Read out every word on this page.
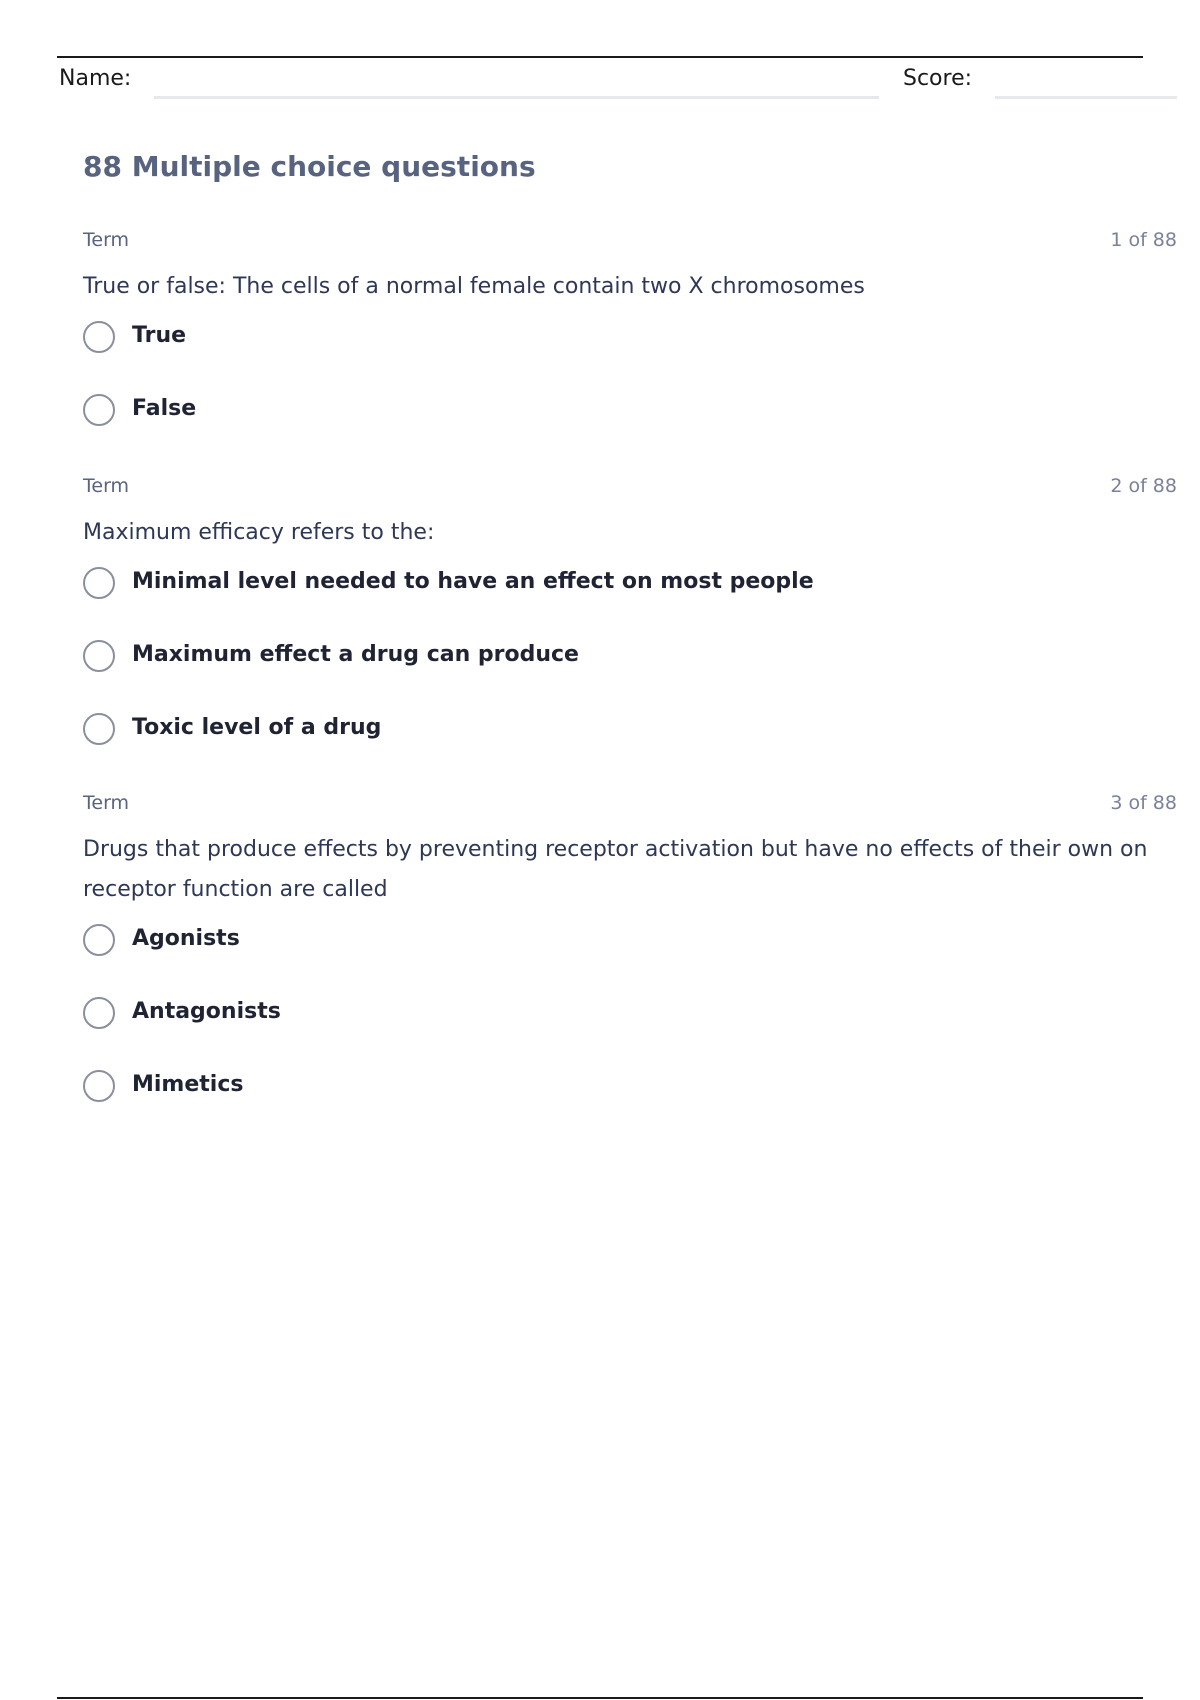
Name:	Score:
88 Multiple choice questions
Term	1 of 88
True or false: The cells of a normal female contain two X chromosomes
True
False
Term	2 of 88
Maximum efficacy refers to the:
Minimal level needed to have an effect on most people
Maximum effect a drug can produce
Toxic level of a drug
Term	3 of 88
Drugs that produce effects by preventing receptor activation but have no effects of their own on receptor function are called
Agonists
Antagonists
Mimetics
